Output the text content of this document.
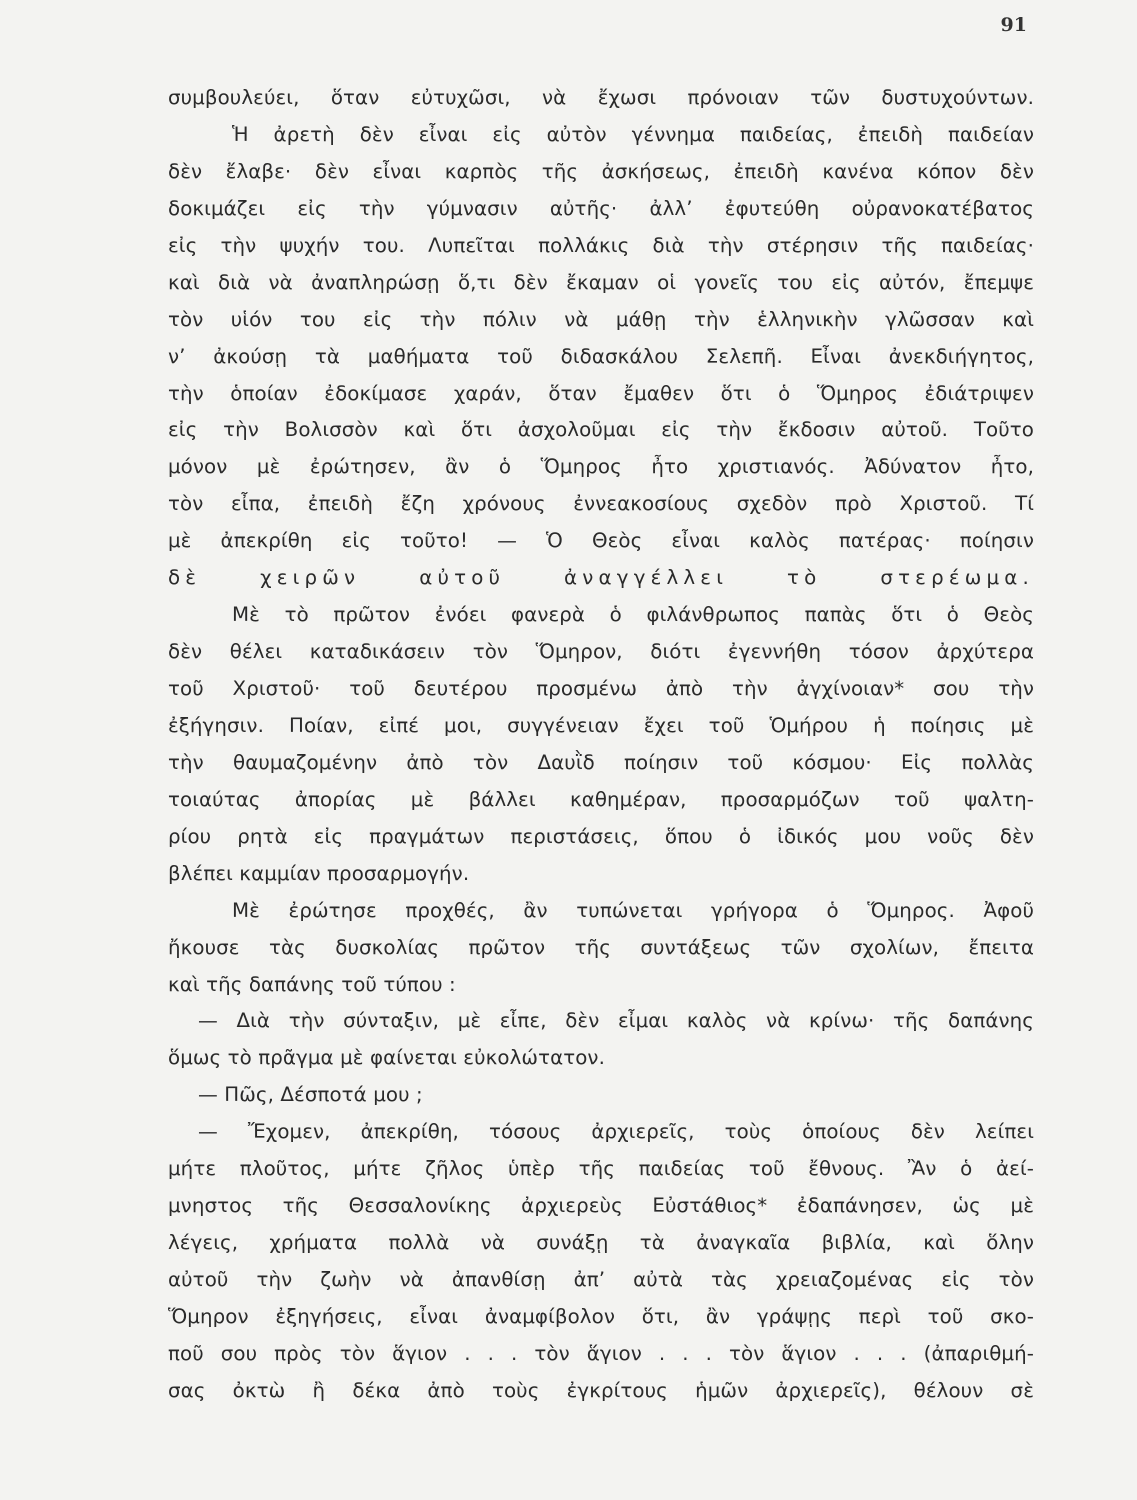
91
συμβουλεύει, ὅταν εὐτυχῶσι, νὰ ἔχωσι πρόνοιαν τῶν δυστυχούντων.
Ἡ ἀρετὴ δὲν εἶναι εἰς αὐτὸν γέννημα παιδείας, ἐπειδὴ παιδείαν
δὲν ἔλαβε· δὲν εἶναι καρπὸς τῆς ἀσκήσεως, ἐπειδὴ κανένα κόπον δὲν
δοκιμάζει εἰς τὴν γύμνασιν αὐτῆς· ἀλλ’ ἐφυτεύθη οὐρανοκατέβατος
εἰς τὴν ψυχήν του. Λυπεῖται πολλάκις διὰ τὴν στέρησιν τῆς παιδείας·
καὶ διὰ νὰ ἀναπληρώσῃ ὅ,τι δὲν ἔκαμαν οἱ γονεῖς του εἰς αὐτόν, ἔπεμψε
τὸν υἱόν του εἰς τὴν πόλιν νὰ μάθῃ τὴν ἑλληνικὴν γλῶσσαν καὶ
ν’ ἀκούσῃ τὰ μαθήματα τοῦ διδασκάλου Σελεπῆ. Εἶναι ἀνεκδιήγητος,
τὴν ὁποίαν ἐδοκίμασε χαράν, ὅταν ἔμαθεν ὅτι ὁ Ὅμηρος ἐδιάτριψεν
εἰς τὴν Βολισσὸν καὶ ὅτι ἀσχολοῦμαι εἰς τὴν ἔκδοσιν αὐτοῦ. Τοῦτο
μόνον μὲ ἐρώτησεν, ἂν ὁ Ὅμηρος ἦτο χριστιανός. Ἀδύνατον ἦτο,
τὸν εἶπα, ἐπειδὴ ἔζη χρόνους ἐννεακοσίους σχεδὸν πρὸ Χριστοῦ. Τί
μὲ ἀπεκρίθη εἰς τοῦτο! — Ὁ Θεὸς εἶναι καλὸς πατέρας· ποίησιν
δὲ χειρῶν αὐτοῦ ἀναγγέλλει τὸ στερέωμα.
Μὲ τὸ πρῶτον ἐνόει φανερὰ ὁ φιλάνθρωπος παπὰς ὅτι ὁ Θεὸς
δὲν θέλει καταδικάσειν τὸν Ὅμηρον, διότι ἐγεννήθη τόσον ἀρχύτερα
τοῦ Χριστοῦ· τοῦ δευτέρου προσμένω ἀπὸ τὴν ἀγχίνοιαν* σου τὴν
ἐξήγησιν. Ποίαν, εἰπέ μοι, συγγένειαν ἔχει τοῦ Ὁμήρου ἡ ποίησις μὲ
τὴν θαυμαζομένην ἀπὸ τὸν Δαυῒδ ποίησιν τοῦ κόσμου· Εἰς πολλὰς
τοιαύτας ἀπορίας μὲ βάλλει καθημέραν, προσαρμόζων τοῦ ψαλτη-
ρίου ρητὰ εἰς πραγμάτων περιστάσεις, ὅπου ὁ ἰδικός μου νοῦς δὲν
βλέπει καμμίαν προσαρμογήν.
Μὲ ἐρώτησε προχθές, ἂν τυπώνεται γρήγορα ὁ Ὅμηρος. Ἀφοῦ
ἤκουσε τὰς δυσκολίας πρῶτον τῆς συντάξεως τῶν σχολίων, ἔπειτα
καὶ τῆς δαπάνης τοῦ τύπου :
— Διὰ τὴν σύνταξιν, μὲ εἶπε, δὲν εἶμαι καλὸς νὰ κρίνω· τῆς δαπάνης
ὅμως τὸ πρᾶγμα μὲ φαίνεται εὐκολώτατον.
— Πῶς, Δέσποτά μου ;
— Ἔχομεν, ἀπεκρίθη, τόσους ἀρχιερεῖς, τοὺς ὁποίους δὲν λείπει
μήτε πλοῦτος, μήτε ζῆλος ὑπὲρ τῆς παιδείας τοῦ ἔθνους. Ἂν ὁ ἀεί-
μνηστος τῆς Θεσσαλονίκης ἀρχιερεὺς Εὐστάθιος* ἐδαπάνησεν, ὡς μὲ
λέγεις, χρήματα πολλὰ νὰ συνάξῃ τὰ ἀναγκαῖα βιβλία, καὶ ὅλην
αὐτοῦ τὴν ζωὴν νὰ ἀπανθίσῃ ἀπ’ αὐτὰ τὰς χρειαζομένας εἰς τὸν
Ὅμηρον ἐξηγήσεις, εἶναι ἀναμφίβολον ὅτι, ἂν γράψῃς περὶ τοῦ σκο-
ποῦ σου πρὸς τὸν ἅγιον . . . τὸν ἅγιον . . . τὸν ἅγιον . . . (ἀπαριθμή-
σας ὀκτὼ ἢ δέκα ἀπὸ τοὺς ἐγκρίτους ἡμῶν ἀρχιερεῖς), θέλουν σὲ
